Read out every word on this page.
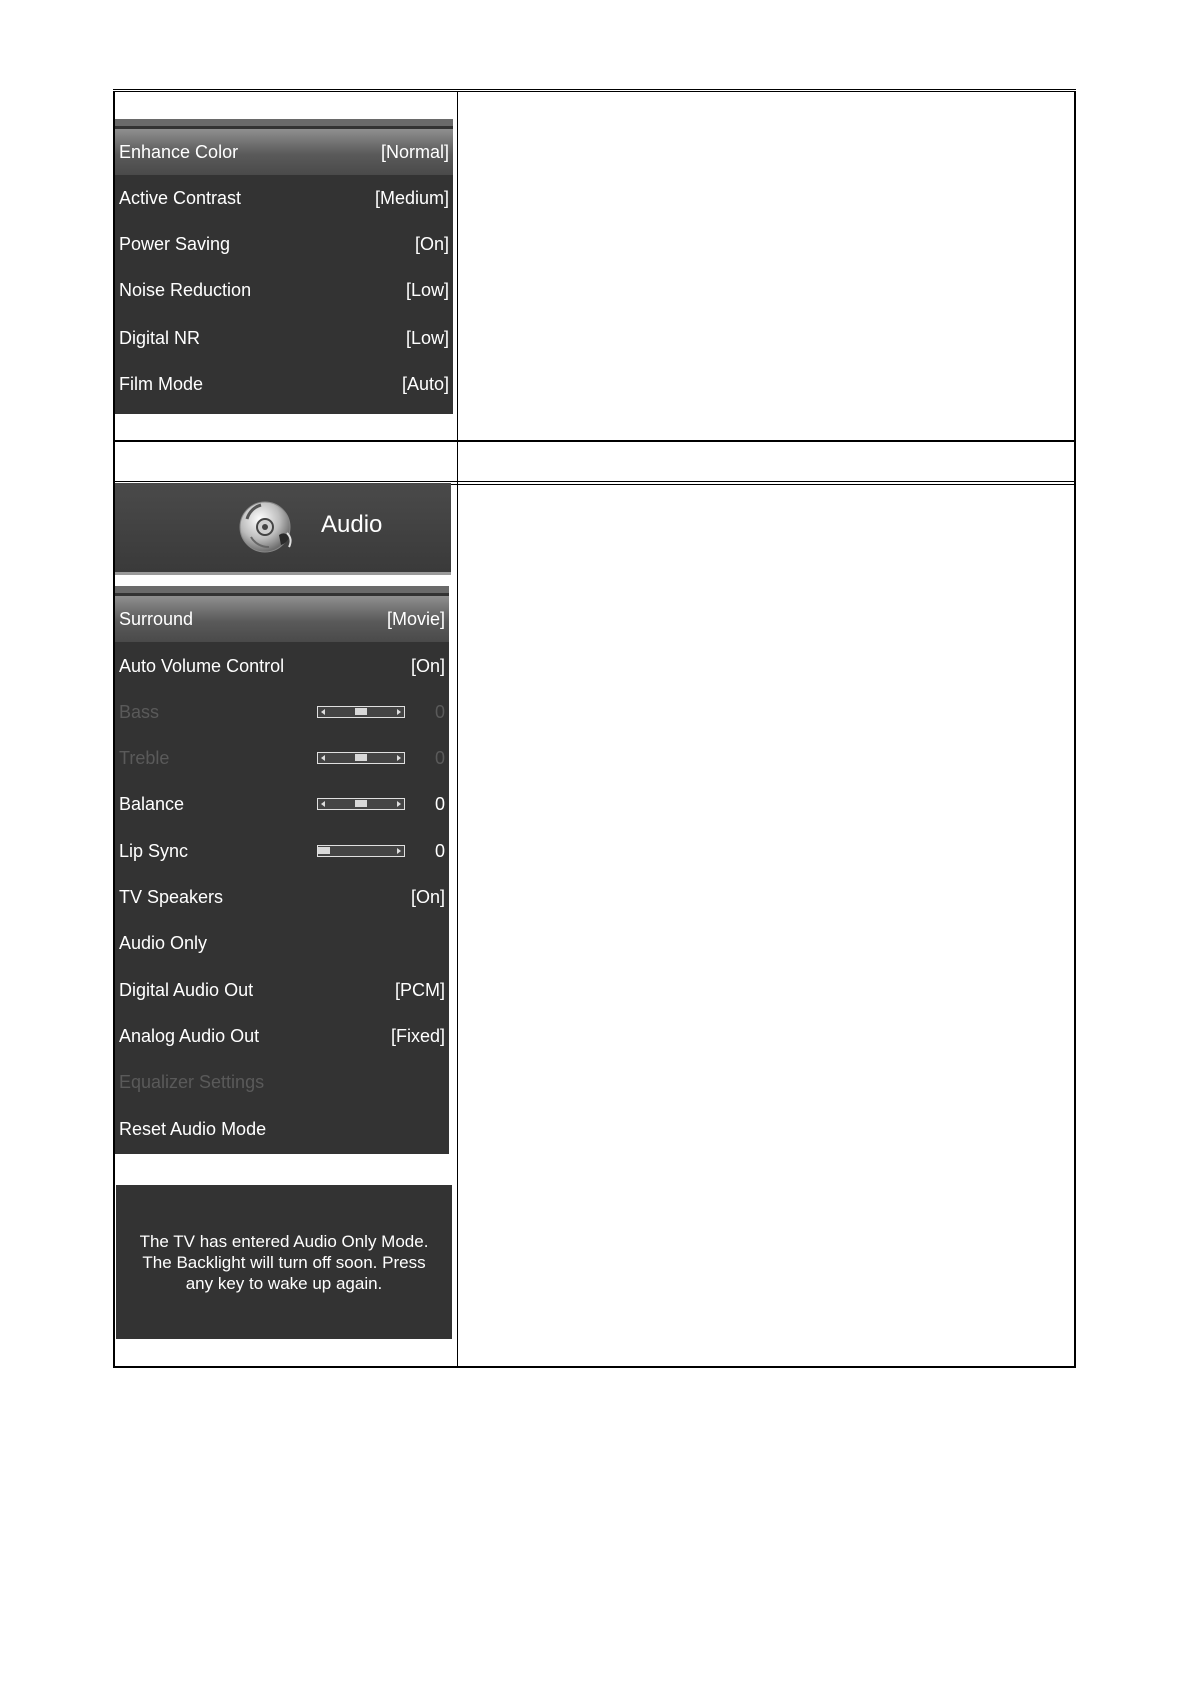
Enhance Color	[Normal]
Active Contrast	[Medium]
Power Saving	[On]
Noise Reduction	[Low]
Digital NR	[Low]
Film Mode	[Auto]
Audio
Surround	[Movie]
Auto Volume Control	[On]
Bass	0
Treble	0
Balance	0
Lip Sync	0
TV Speakers	[On]
Audio Only
Digital Audio Out	[PCM]
Analog Audio Out	[Fixed]
Equalizer Settings
Reset Audio Mode
The TV has entered Audio Only Mode.
The Backlight will turn off soon. Press
any key to wake up again.
